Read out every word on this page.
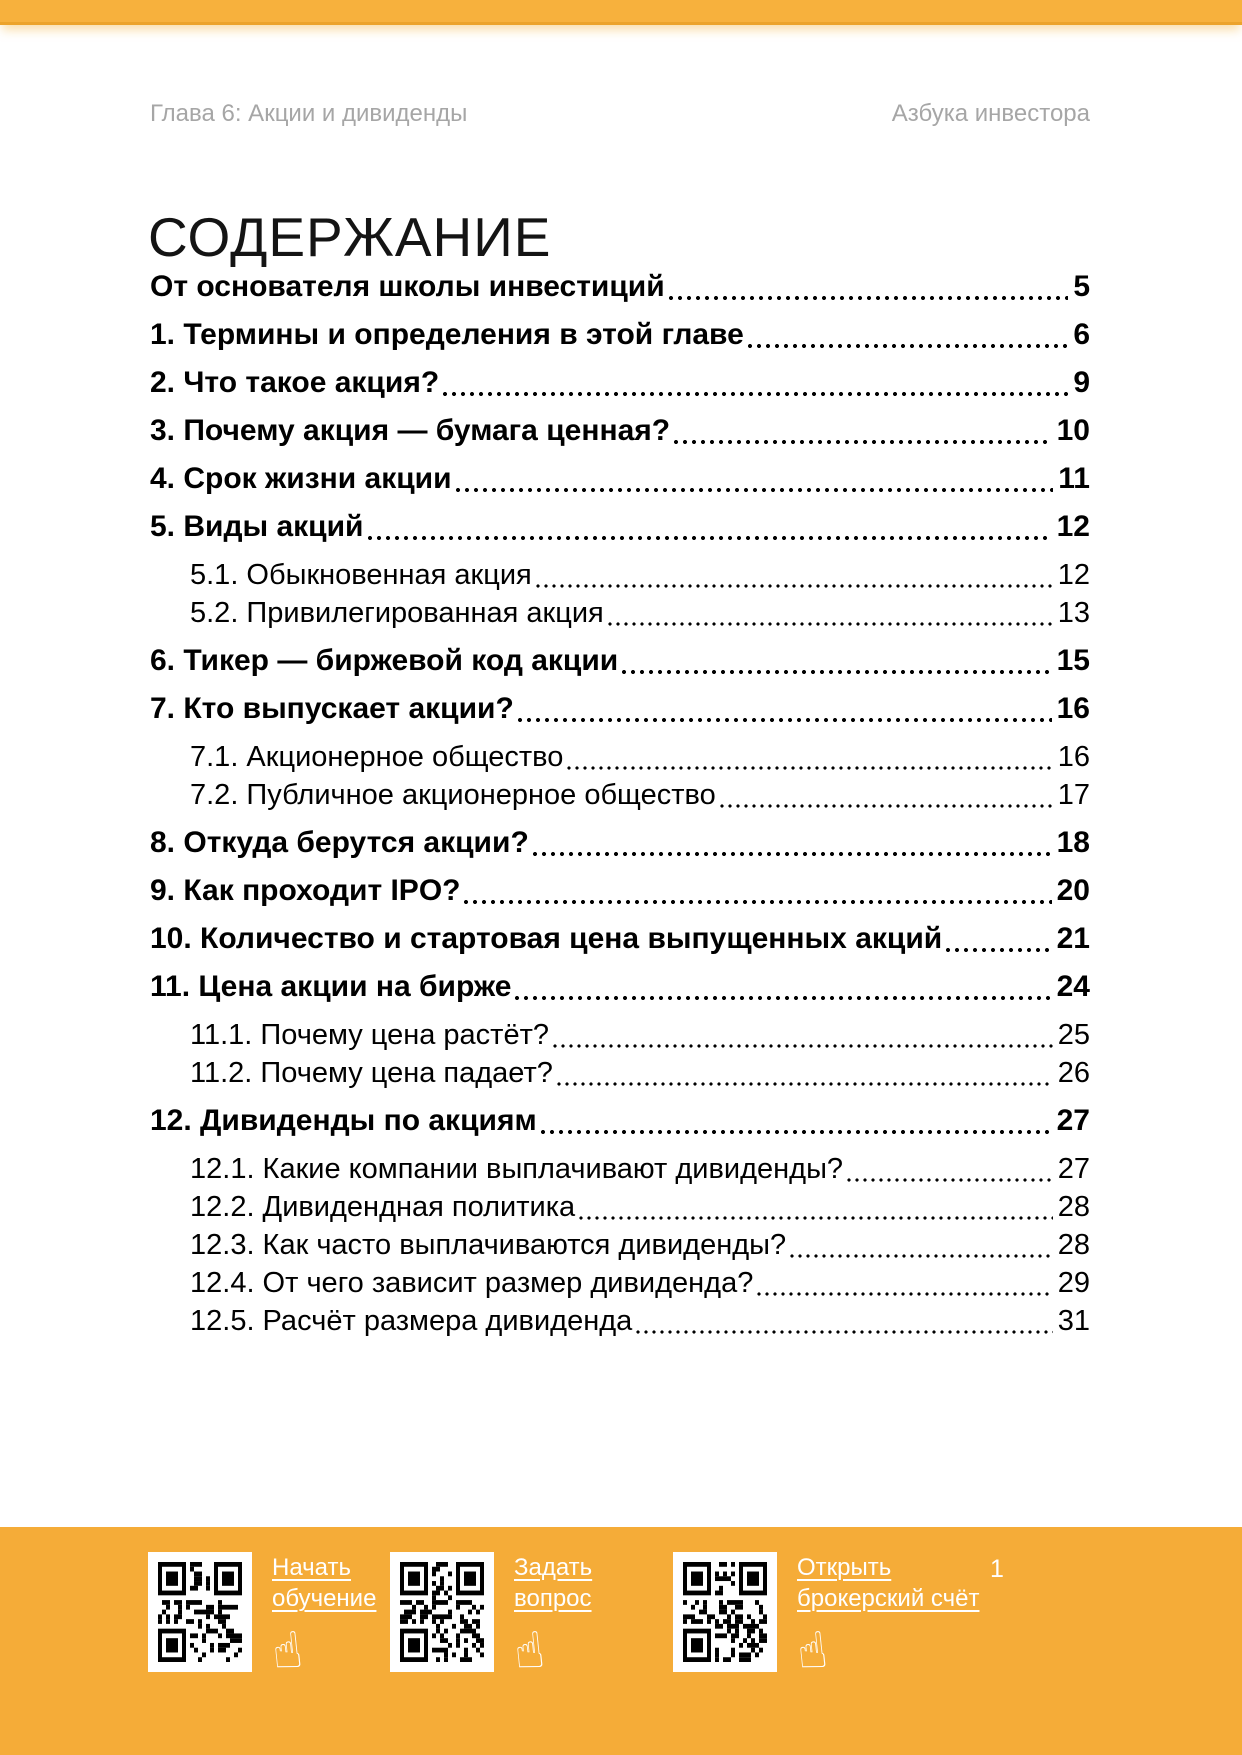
Глава 6: Акции и дивиденды	Азбука инвестора
СОДЕРЖАНИЕ
От основателя школы инвестиций	5
1. Термины и определения в этой главе	6
2. Что такое акция?	9
3. Почему акция — бумага ценная?	10
4. Срок жизни акции	11
5. Виды акций	12
5.1. Обыкновенная акция	12
5.2. Привилегированная акция	13
6. Тикер — биржевой код акции	15
7. Кто выпускает акции?	16
7.1. Акционерное общество	16
7.2. Публичное акционерное общество	17
8. Откуда берутся акции?	18
9. Как проходит IPO?	20
10. Количество и стартовая цена выпущенных акций	21
11. Цена акции на бирже	24
11.1. Почему цена растёт?	25
11.2. Почему цена падает?	26
12. Дивиденды по акциям	27
12.1. Какие компании выплачивают дивиденды?	27
12.2. Дивидендная политика	28
12.3. Как часто выплачиваются дивиденды?	28
12.4. От чего зависит размер дивиденда?	29
12.5. Расчёт размера дивиденда	31
Начать обучение
☝
Задать вопрос
☝
Открыть брокерский счёт
☝
1
